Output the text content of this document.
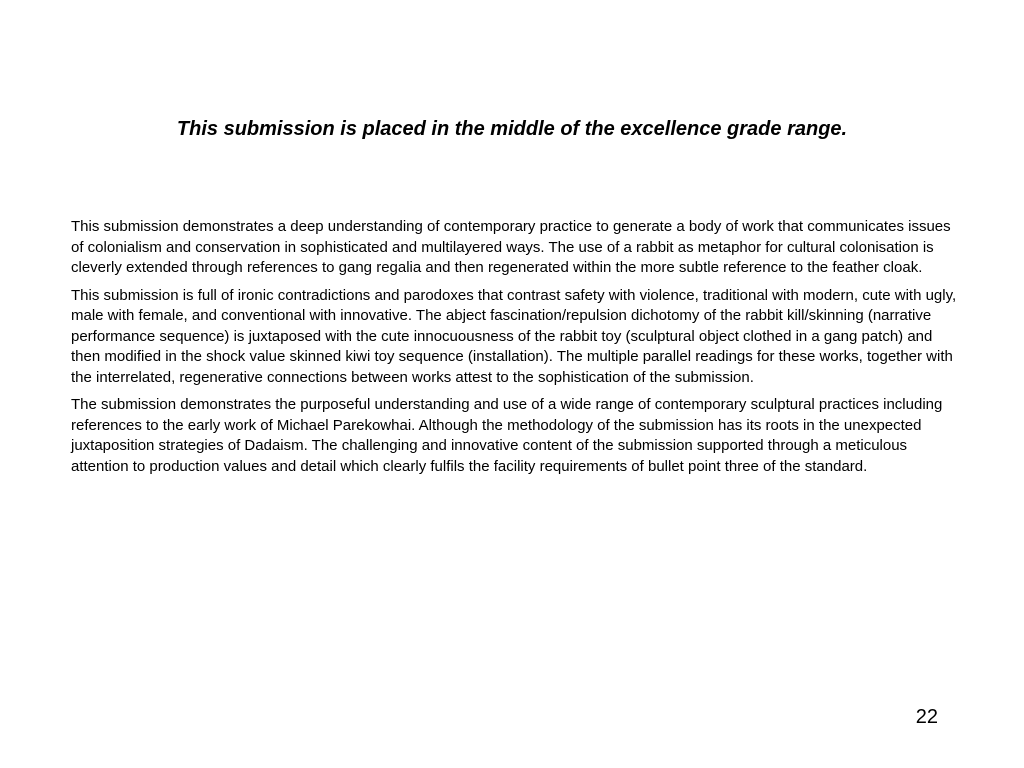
This submission is placed in the middle of the excellence grade range.

This submission demonstrates a deep understanding of contemporary practice to generate a body of work that communicates issues of colonialism and conservation in sophisticated and multilayered ways. The use of a rabbit as metaphor for cultural colonisation is cleverly extended through references to gang regalia and then regenerated within the more subtle reference to the feather cloak.

This submission is full of ironic contradictions and parodoxes that contrast safety with violence, traditional with modern, cute with ugly, male with female, and conventional with innovative. The abject fascination/repulsion dichotomy of the rabbit kill/skinning (narrative performance sequence) is juxtaposed with the cute innocuousness of the rabbit toy (sculptural object clothed in a gang patch) and then modified in the shock value skinned kiwi toy sequence (installation). The multiple parallel readings for these works, together with the interrelated, regenerative connections between works attest to the sophistication of the submission.

The submission demonstrates the purposeful understanding and use of a wide range of contemporary sculptural practices including references to the early work of Michael Parekowhai. Although the methodology of the submission has its roots in the unexpected juxtaposition strategies of Dadaism. The challenging and innovative content of the submission supported through a meticulous attention to production values and detail which clearly fulfils the facility requirements of bullet point three of the standard.

22
